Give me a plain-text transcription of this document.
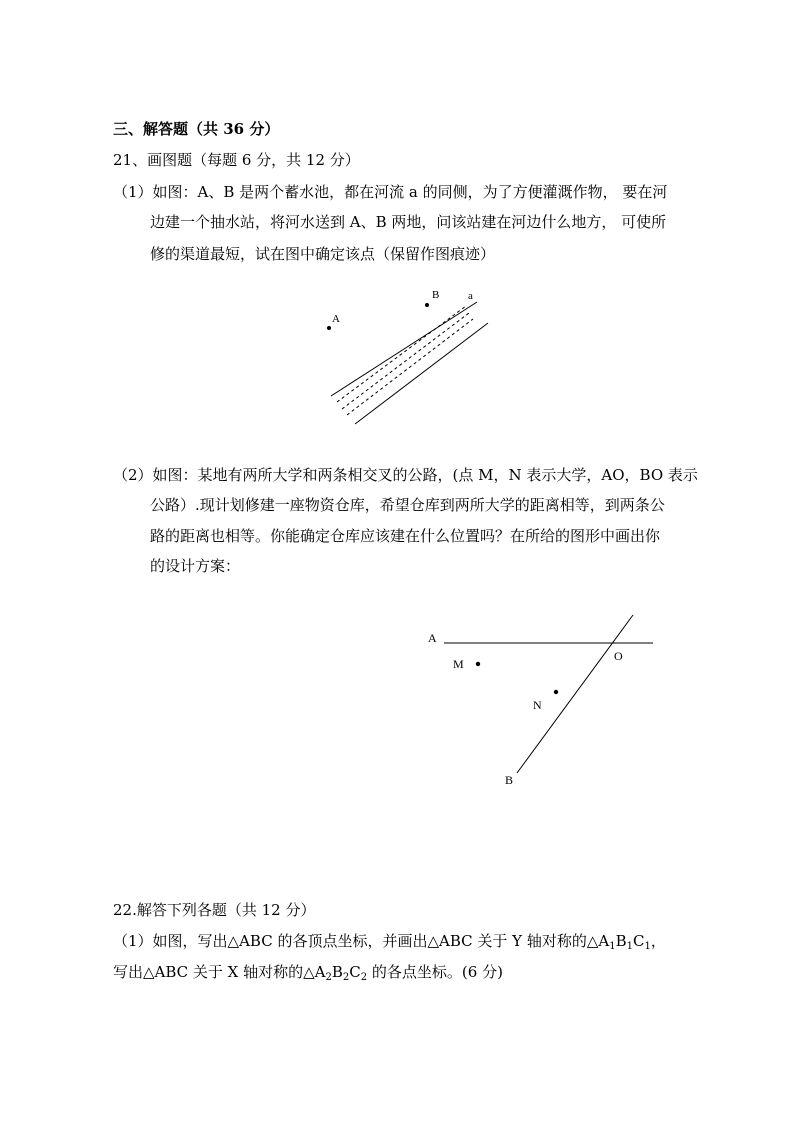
三、解答题（共 36 分）
21、画图题（每题 6 分，共 12 分）
（1）如图：A、B 是两个蓄水池，都在河流 a 的同侧，为了方便灌溉作物， 要在河
边建一个抽水站，将河水送到 A、B 两地，问该站建在河边什么地方， 可使所
修的渠道最短，试在图中确定该点（保留作图痕迹）
A
B	a
（2）如图：某地有两所大学和两条相交叉的公路，(点 M，N 表示大学，AO，BO 表示
公路）.现计划修建一座物资仓库，希望仓库到两所大学的距离相等，到两条公
路的距离也相等。你能确定仓库应该建在什么位置吗？在所给的图形中画出你
的设计方案：
A
O
M
N
B
22.解答下列各题（共 12 分）
（1）如图，写出△ABC 的各顶点坐标，并画出△ABC 关于 Y 轴对称的$\triangle A_1B_1C_1$，
写出△ABC 关于 X 轴对称的$\triangle A_2B_2C_2$ 的各点坐标。(6 分)
